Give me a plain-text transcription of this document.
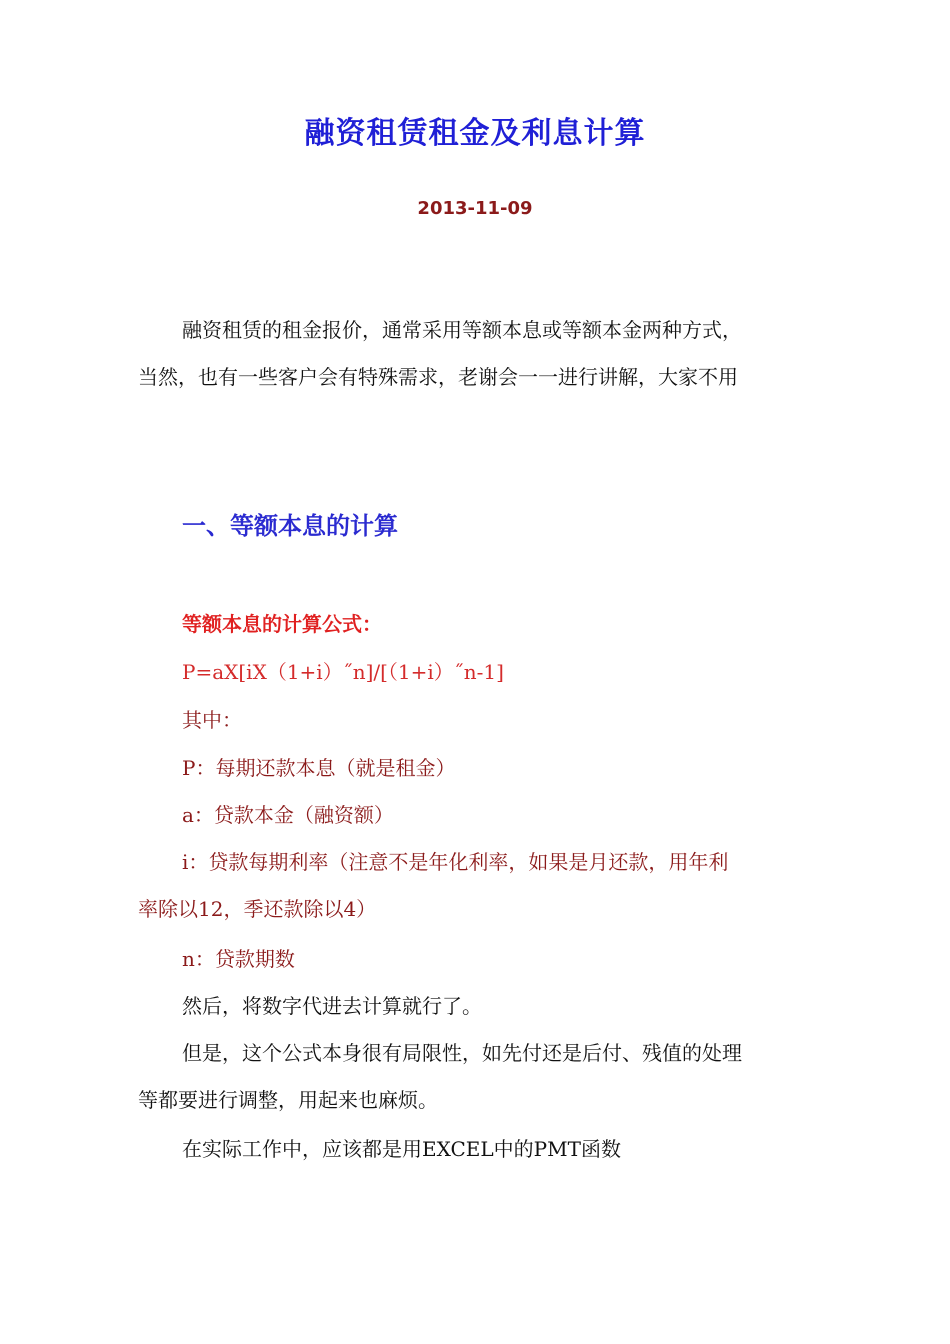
融资租赁租金及利息计算

2013-11-09

融资租赁的租金报价，通常采用等额本息或等额本金两种方式，
当然，也有一些客户会有特殊需求，老谢会一一进行讲解，大家不用

一、等额本息的计算

等额本息的计算公式：

P=aX[iX（1+i）˝n]/[（1+i）˝n-1]

其中：

P：每期还款本息（就是租金）

a：贷款本金（融资额）

i：贷款每期利率（注意不是年化利率，如果是月还款，用年利
率除以12，季还款除以4）

n：贷款期数

然后，将数字代进去计算就行了。

但是，这个公式本身很有局限性，如先付还是后付、残值的处理
等都要进行调整，用起来也麻烦。

在实际工作中，应该都是用EXCEL中的PMT函数
